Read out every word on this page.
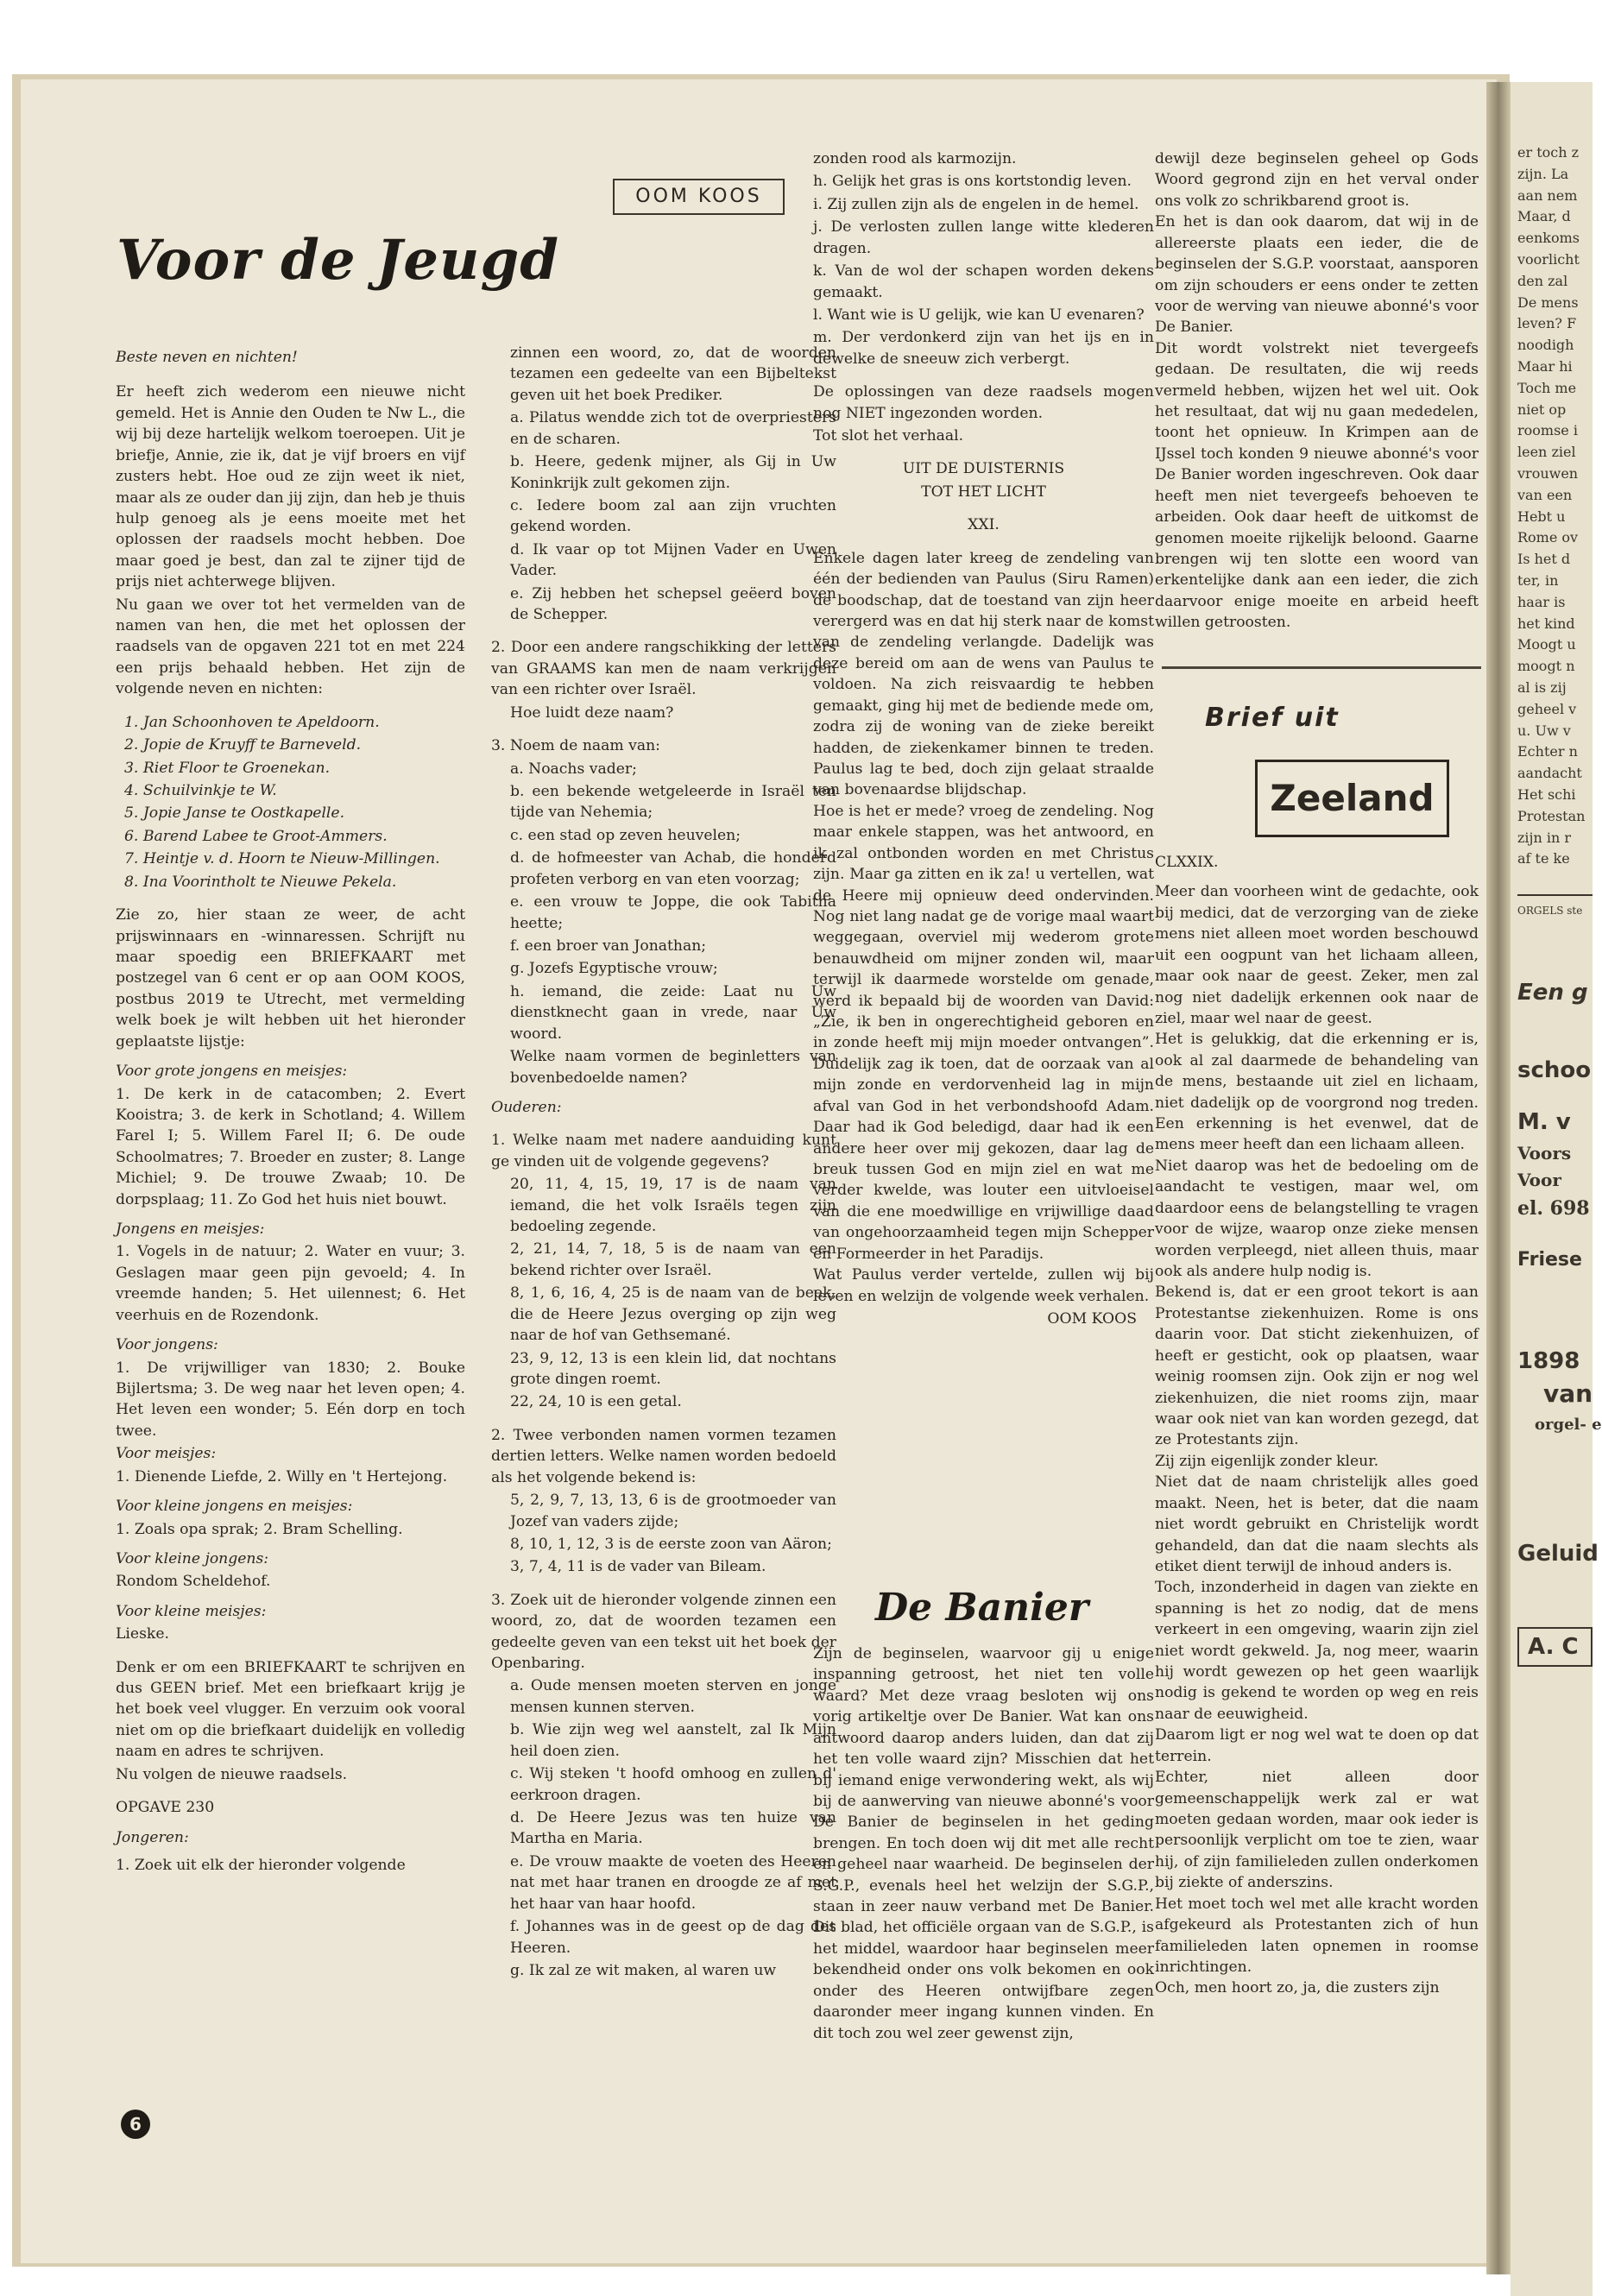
OOM KOOS
Voor de Jeugd

Beste neven en nichten!

Er heeft zich wederom een nieuwe nicht gemeld. Het is Annie den Ouden te Nw L., die wij bij deze hartelijk welkom toeroepen. Uit je briefje, Annie, zie ik, dat je vijf broers en vijf zusters hebt. Hoe oud ze zijn weet ik niet, maar als ze ouder dan jij zijn, dan heb je thuis hulp genoeg als je eens moeite met het oplossen der raadsels mocht hebben. Doe maar goed je best, dan zal te zijner tijd de prijs niet achterwege blijven.

Nu gaan we over tot het vermelden van de namen van hen, die met het oplossen der raadsels van de opgaven 221 tot en met 224 een prijs behaald hebben. Het zijn de volgende neven en nichten:

1. Jan Schoonhoven te Apeldoorn.

2. Jopie de Kruyff te Barneveld.

3. Riet Floor te Groenekan.

4. Schuilvinkje te W.

5. Jopie Janse te Oostkapelle.

6. Barend Labee te Groot-Ammers.

7. Heintje v. d. Hoorn te Nieuw-Millingen.

8. Ina Voorintholt te Nieuwe Pekela.

Zie zo, hier staan ze weer, de acht prijswinnaars en -winnaressen. Schrijft nu maar spoedig een BRIEFKAART met postzegel van 6 cent er op aan OOM KOOS, postbus 2019 te Utrecht, met vermelding welk boek je wilt hebben uit het hieronder geplaatste lijstje:

Voor grote jongens en meisjes:

1. De kerk in de catacomben; 2. Evert Kooistra; 3. de kerk in Schotland; 4. Willem Farel I; 5. Willem Farel II; 6. De oude Schoolmatres; 7. Broeder en zuster; 8. Lange Michiel; 9. De trouwe Zwaab; 10. De dorpsplaag; 11. Zo God het huis niet bouwt.

Jongens en meisjes:

1. Vogels in de natuur; 2. Water en vuur; 3. Geslagen maar geen pijn gevoeld; 4. In vreemde handen; 5. Het uilennest; 6. Het veerhuis en de Rozendonk.

Voor jongens:

1. De vrijwilliger van 1830; 2. Bouke Bijlertsma; 3. De weg naar het leven open; 4. Het leven een wonder; 5. Eén dorp en toch twee.

Voor meisjes:

1. Dienende Liefde, 2. Willy en 't Hertejong.

Voor kleine jongens en meisjes:

1. Zoals opa sprak; 2. Bram Schelling.

Voor kleine jongens:

Rondom Scheldehof.

Voor kleine meisjes:

Lieske.

Denk er om een BRIEFKAART te schrijven en dus GEEN brief. Met een briefkaart krijg je het boek veel vlugger. En verzuim ook vooral niet om op die briefkaart duidelijk en volledig naam en adres te schrijven.

Nu volgen de nieuwe raadsels.

OPGAVE 230

Jongeren:

1. Zoek uit elk der hieronder volgende

zinnen een woord, zo, dat de woorden tezamen een gedeelte van een Bijbeltekst geven uit het boek Prediker.

a. Pilatus wendde zich tot de overpriesters en de scharen.

b. Heere, gedenk mijner, als Gij in Uw Koninkrijk zult gekomen zijn.

c. Iedere boom zal aan zijn vruchten gekend worden.

d. Ik vaar op tot Mijnen Vader en Uwen Vader.

e. Zij hebben het schepsel geëerd boven de Schepper.

2. Door een andere rangschikking der letters van GRAAMS kan men de naam verkrijgen van een richter over Israël.

Hoe luidt deze naam?

3. Noem de naam van:

a. Noachs vader;

b. een bekende wetgeleerde in Israël ten tijde van Nehemia;

c. een stad op zeven heuvelen;

d. de hofmeester van Achab, die honderd profeten verborg en van eten voorzag;

e. een vrouw te Joppe, die ook Tabitha heette;

f. een broer van Jonathan;

g. Jozefs Egyptische vrouw;

h. iemand, die zeide: Laat nu Uw dienstknecht gaan in vrede, naar Uw woord.

Welke naam vormen de beginletters van bovenbedoelde namen?

Ouderen:

1. Welke naam met nadere aanduiding kunt ge vinden uit de volgende gegevens?

20, 11, 4, 15, 19, 17 is de naam van iemand, die het volk Israëls tegen zijn bedoeling zegende.

2, 21, 14, 7, 18, 5 is de naam van een bekend richter over Israël.

8, 1, 6, 16, 4, 25 is de naam van de beek, die de Heere Jezus overging op zijn weg naar de hof van Gethsemané.

23, 9, 12, 13 is een klein lid, dat nochtans grote dingen roemt.

22, 24, 10 is een getal.

2. Twee verbonden namen vormen tezamen dertien letters. Welke namen worden bedoeld als het volgende bekend is:

5, 2, 9, 7, 13, 13, 6 is de grootmoeder van Jozef van vaders zijde;

8, 10, 1, 12, 3 is de eerste zoon van Aäron;

3, 7, 4, 11 is de vader van Bileam.

3. Zoek uit de hieronder volgende zinnen een woord, zo, dat de woorden tezamen een gedeelte geven van een tekst uit het boek der Openbaring.

a. Oude mensen moeten sterven en jonge mensen kunnen sterven.

b. Wie zijn weg wel aanstelt, zal Ik Mijn heil doen zien.

c. Wij steken 't hoofd omhoog en zullen d' eerkroon dragen.

d. De Heere Jezus was ten huize van Martha en Maria.

e. De vrouw maakte de voeten des Heeren nat met haar tranen en droogde ze af met het haar van haar hoofd.

f. Johannes was in de geest op de dag des Heeren.

g. Ik zal ze wit maken, al waren uw

zonden rood als karmozijn.

h. Gelijk het gras is ons kortstondig leven.

i. Zij zullen zijn als de engelen in de hemel.

j. De verlosten zullen lange witte klederen dragen.

k. Van de wol der schapen worden dekens gemaakt.

l. Want wie is U gelijk, wie kan U evenaren?

m. Der verdonkerd zijn van het ijs en in dewelke de sneeuw zich verbergt.

De oplossingen van deze raadsels mogen nog NIET ingezonden worden.

Tot slot het verhaal.

UIT DE DUISTERNIS

TOT HET LICHT

XXI.

Enkele dagen later kreeg de zendeling van één der bedienden van Paulus (Siru Ramen) de boodschap, dat de toestand van zijn heer verergerd was en dat hij sterk naar de komst van de zendeling verlangde. Dadelijk was deze bereid om aan de wens van Paulus te voldoen. Na zich reisvaardig te hebben gemaakt, ging hij met de bediende mede om, zodra zij de woning van de zieke bereikt hadden, de ziekenkamer binnen te treden. Paulus lag te bed, doch zijn gelaat straalde van bovenaardse blijdschap.
Hoe is het er mede? vroeg de zendeling. Nog maar enkele stappen, was het antwoord, en ik zal ontbonden worden en met Christus zijn. Maar ga zitten en ik za! u vertellen, wat de Heere mij opnieuw deed ondervinden. Nog niet lang nadat ge de vorige maal waart weggegaan, overviel mij wederom grote benauwdheid om mijner zonden wil, maar terwijl ik daarmede worstelde om genade, werd ik bepaald bij de woorden van David: „Zie, ik ben in ongerechtigheid geboren en in zonde heeft mij mijn moeder ontvangen”. Duidelijk zag ik toen, dat de oorzaak van al mijn zonde en verdorvenheid lag in mijn afval van God in het verbondshoofd Adam. Daar had ik God beledigd, daar had ik een andere heer over mij gekozen, daar lag de breuk tussen God en mijn ziel en wat me verder kwelde, was louter een uitvloeisel van die ene moedwillige en vrijwillige daad van ongehoorzaamheid tegen mijn Schepper en Formeerder in het Paradijs.
Wat Paulus verder vertelde, zullen wij bij leven en welzijn de volgende week verhalen.

OOM KOOS

De Banier

Zijn de beginselen, waarvoor gij u enige inspanning getroost, het niet ten volle waard? Met deze vraag besloten wij ons vorig artikeltje over De Banier. Wat kan ons antwoord daarop anders luiden, dan dat zij het ten volle waard zijn? Misschien dat het bij iemand enige verwondering wekt, als wij bij de aanwerving van nieuwe abonné's voor De Banier de beginselen in het geding brengen. En toch doen wij dit met alle recht en geheel naar waarheid. De beginselen der S.G.P., evenals heel het welzijn der S.G.P., staan in zeer nauw verband met De Banier. Dit blad, het officiële orgaan van de S.G.P., is het middel, waardoor haar beginselen meer bekendheid onder ons volk bekomen en ook onder des Heeren ontwijfbare zegen daaronder meer ingang kunnen vinden. En dit toch zou wel zeer gewenst zijn,

dewijl deze beginselen geheel op Gods Woord gegrond zijn en het verval onder ons volk zo schrikbarend groot is.
En het is dan ook daarom, dat wij in de allereerste plaats een ieder, die de beginselen der S.G.P. voorstaat, aansporen om zijn schouders er eens onder te zetten voor de werving van nieuwe abonné's voor De Banier.
Dit wordt volstrekt niet tevergeefs gedaan. De resultaten, die wij reeds vermeld hebben, wijzen het wel uit. Ook het resultaat, dat wij nu gaan mededelen, toont het opnieuw. In Krimpen aan de IJssel toch konden 9 nieuwe abonné's voor De Banier worden ingeschreven. Ook daar heeft men niet tevergeefs behoeven te arbeiden. Ook daar heeft de uitkomst de genomen moeite rijkelijk beloond. Gaarne brengen wij ten slotte een woord van erkentelijke dank aan een ieder, die zich daarvoor enige moeite en arbeid heeft willen getroosten.

Brief uit
Zeeland

CLXXIX.

Meer dan voorheen wint de gedachte, ook bij medici, dat de verzorging van de zieke mens niet alleen moet worden beschouwd uit een oogpunt van het lichaam alleen, maar ook naar de geest. Zeker, men zal nog niet dadelijk erkennen ook naar de ziel, maar wel naar de geest.
Het is gelukkig, dat die erkenning er is, ook al zal daarmede de behandeling van de mens, bestaande uit ziel en lichaam, niet dadelijk op de voorgrond nog treden. Een erkenning is het evenwel, dat de mens meer heeft dan een lichaam alleen.
Niet daarop was het de bedoeling om de aandacht te vestigen, maar wel, om daardoor eens de belangstelling te vragen voor de wijze, waarop onze zieke mensen worden verpleegd, niet alleen thuis, maar ook als andere hulp nodig is.
Bekend is, dat er een groot tekort is aan Protestantse ziekenhuizen. Rome is ons daarin voor. Dat sticht ziekenhuizen, of heeft er gesticht, ook op plaatsen, waar weinig roomsen zijn. Ook zijn er nog wel ziekenhuizen, die niet rooms zijn, maar waar ook niet van kan worden gezegd, dat ze Protestants zijn.
Zij zijn eigenlijk zonder kleur.
Niet dat de naam christelijk alles goed maakt. Neen, het is beter, dat die naam niet wordt gebruikt en Christelijk wordt gehandeld, dan dat die naam slechts als etiket dient terwijl de inhoud anders is.
Toch, inzonderheid in dagen van ziekte en spanning is het zo nodig, dat de mens verkeert in een omgeving, waarin zijn ziel niet wordt gekweld. Ja, nog meer, waarin hij wordt gewezen op het geen waarlijk nodig is gekend te worden op weg en reis naar de eeuwigheid.
Daarom ligt er nog wel wat te doen op dat terrein.
Echter, niet alleen door gemeenschappelijk werk zal er wat moeten gedaan worden, maar ook ieder is persoonlijk verplicht om toe te zien, waar hij, of zijn familieleden zullen onderkomen bij ziekte of anderszins.
Het moet toch wel met alle kracht worden afgekeurd als Protestanten zich of hun familieleden laten opnemen in roomse inrichtingen.
Och, men hoort zo, ja, die zusters zijn

6

er toch z

zijn. La

aan nem

Maar, d

eenkoms

voorlicht

den zal

De mens

leven? F

noodigh

Maar hi

Toch me

niet op

roomse i

leen ziel

vrouwen

van een

Hebt u

Rome ov

Is het d

ter, in

haar is

het kind

Moogt u

moogt n

al is zij

geheel v

u. Uw v

Echter n

aandacht

Het schi

Protestan

zijn in r

af te ke

ORGELS ste

Een g

schoo

M. v

Voors

Voor

el. 698

Friese

1898

van

orgel- e

Geluid

A. C
